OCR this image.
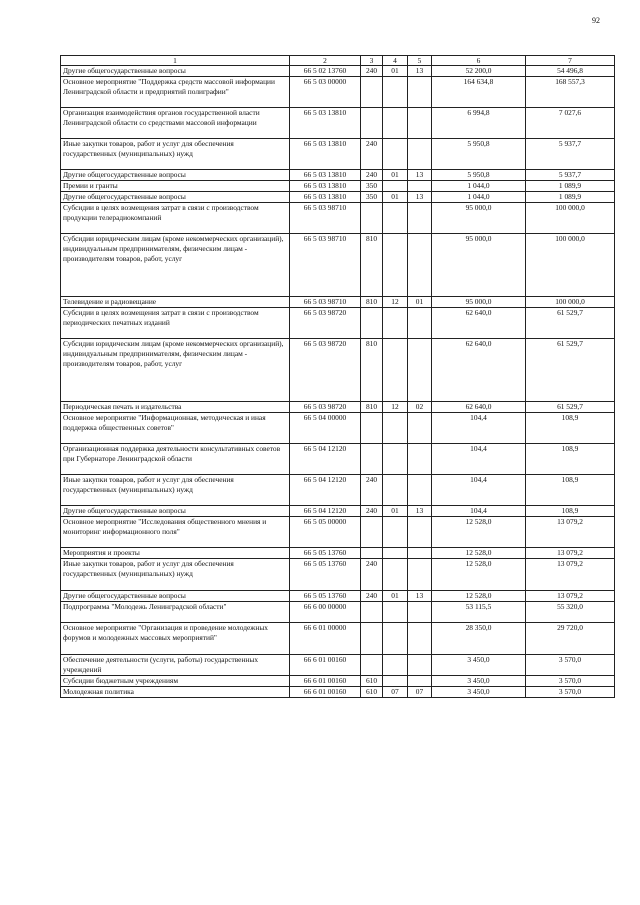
92
1	2	3	4	5	6	7
Другие общегосударственные вопросы	66 5 02 13760	240	01	13	52 200,0	54 496,8
Основное мероприятие "Поддержка средств массовой информации Ленинградской области и предприятий полиграфии"	66 5 03 00000				164 634,8	168 557,3
Организация взаимодействия органов государственной власти Ленинградской области со средствами массовой информации	66 5 03 13810				6 994,8	7 027,6
Иные закупки товаров, работ и услуг для обеспечения государственных (муниципальных) нужд	66 5 03 13810	240			5 950,8	5 937,7
Другие общегосударственные вопросы	66 5 03 13810	240	01	13	5 950,8	5 937,7
Премии и гранты	66 5 03 13810	350			1 044,0	1 089,9
Другие общегосударственные вопросы	66 5 03 13810	350	01	13	1 044,0	1 089,9
Субсидии в целях возмещения затрат в связи с производством продукции телерадиокомпаний	66 5 03 98710				95 000,0	100 000,0
Субсидии юридическим лицам (кроме некоммерческих организаций), индивидуальным предпринимателям, физическим лицам - производителям товаров, работ, услуг	66 5 03 98710	810			95 000,0	100 000,0
Телевидение и радиовещание	66 5 03 98710	810	12	01	95 000,0	100 000,0
Субсидии в целях возмещения затрат в связи с производством периодических печатных изданий	66 5 03 98720				62 640,0	61 529,7
Субсидии юридическим лицам (кроме некоммерческих организаций), индивидуальным предпринимателям, физическим лицам - производителям товаров, работ, услуг	66 5 03 98720	810			62 640,0	61 529,7
Периодическая печать и издательства	66 5 03 98720	810	12	02	62 640,0	61 529,7
Основное мероприятие "Информационная, методическая и иная поддержка общественных советов"	66 5 04 00000				104,4	108,9
Организационная поддержка деятельности консультативных советов при Губернаторе Ленинградской области	66 5 04 12120				104,4	108,9
Иные закупки товаров, работ и услуг для обеспечения государственных (муниципальных) нужд	66 5 04 12120	240			104,4	108,9
Другие общегосударственные вопросы	66 5 04 12120	240	01	13	104,4	108,9
Основное мероприятие "Исследования общественного мнения и мониторинг информационного поля"	66 5 05 00000				12 528,0	13 079,2
Мероприятия и проекты	66 5 05 13760				12 528,0	13 079,2
Иные закупки товаров, работ и услуг для обеспечения государственных (муниципальных) нужд	66 5 05 13760	240			12 528,0	13 079,2
Другие общегосударственные вопросы	66 5 05 13760	240	01	13	12 528,0	13 079,2
Подпрограмма "Молодежь Ленинградской области"	66 6 00 00000				53 115,5	55 320,0
Основное мероприятие "Организация и проведение молодежных форумов и молодежных массовых мероприятий"	66 6 01 00000				28 350,0	29 720,0
Обеспечение деятельности (услуги, работы) государственных учреждений	66 6 01 00160				3 450,0	3 570,0
Субсидии бюджетным учреждениям	66 6 01 00160	610			3 450,0	3 570,0
Молодежная политика	66 6 01 00160	610	07	07	3 450,0	3 570,0
